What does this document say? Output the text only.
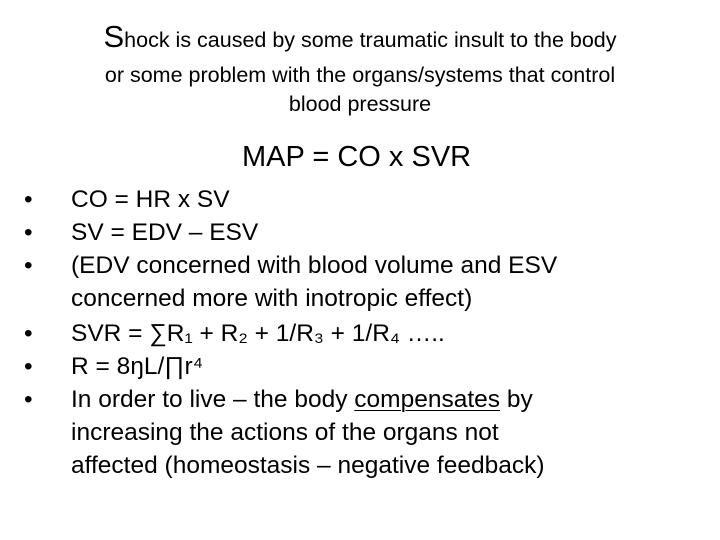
Shock is caused by some traumatic insult to the body
or some problem with the organs/systems that control
blood pressure
MAP = CO x SVR
•	CO = HR x SV
•	SV = EDV – ESV
•	(EDV concerned with blood volume and ESV
concerned more with inotropic effect)
•	SVR = ∑R₁ + R₂ + 1/R₃ + 1/R₄ …..
•	R = 8ŋL/∏r⁴
•	In order to live – the body compensates by
increasing the actions of the organs not
affected (homeostasis – negative feedback)
